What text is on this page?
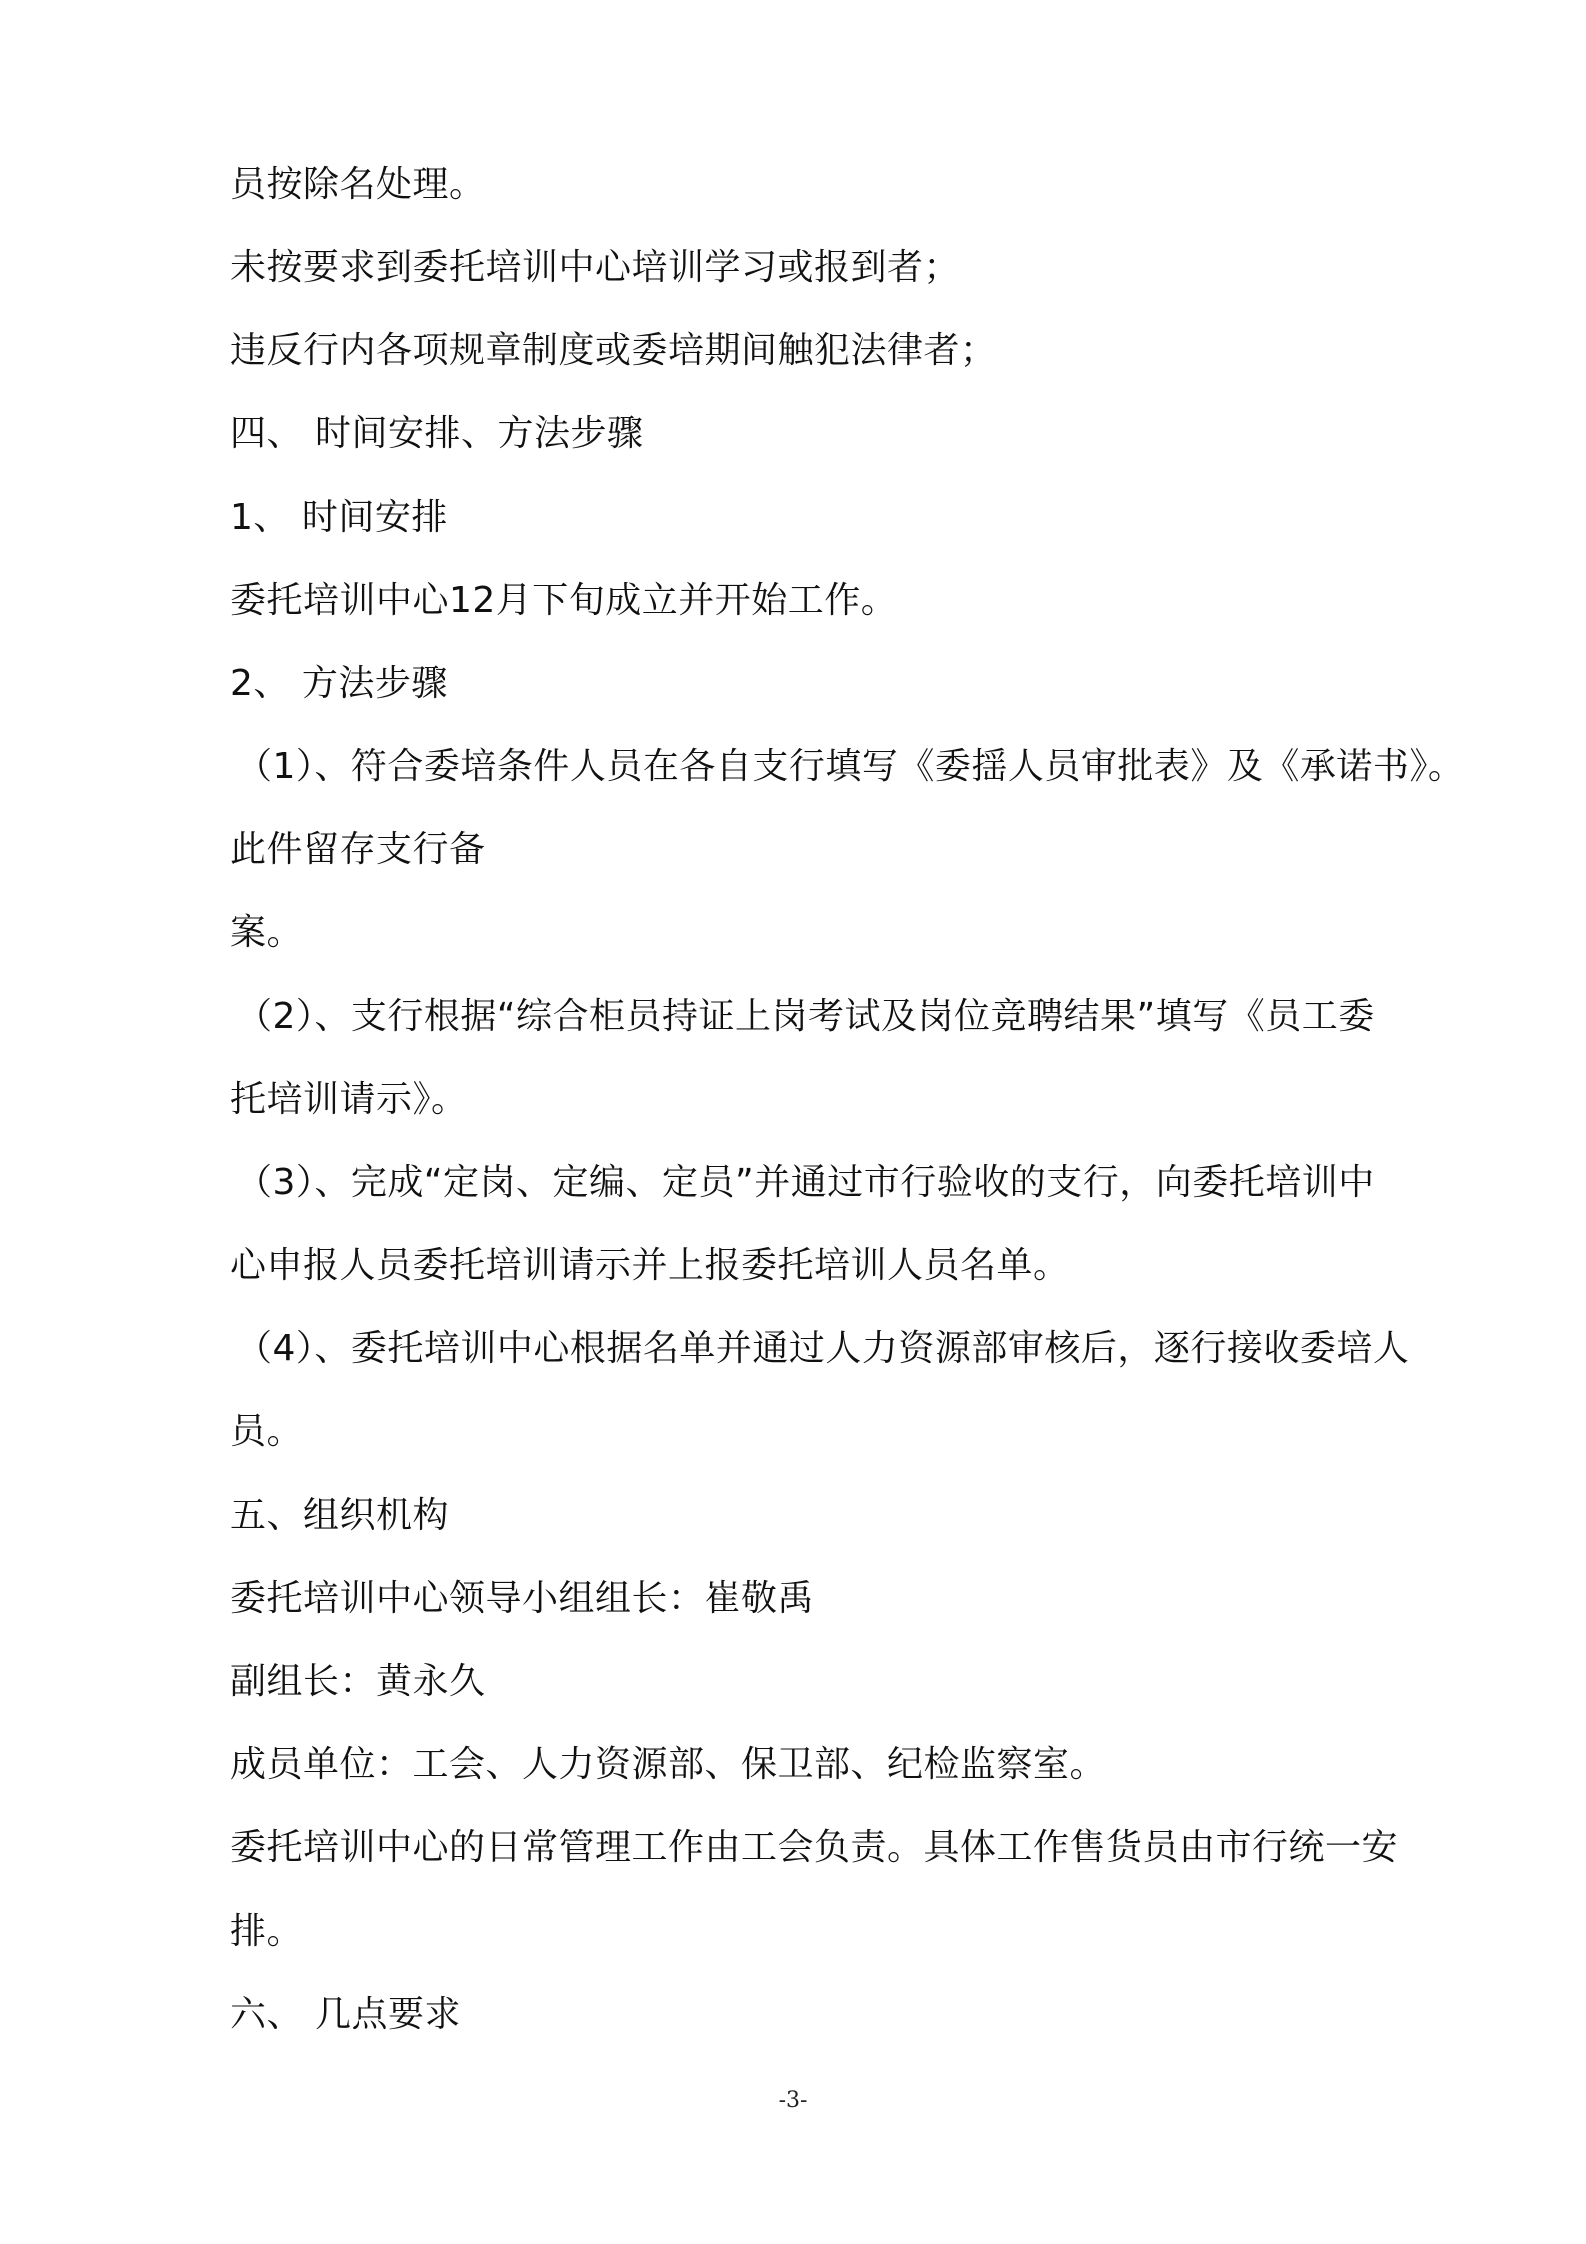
员按除名处理。
未按要求到委托培训中心培训学习或报到者；
违反行内各项规章制度或委培期间触犯法律者；
四、 时间安排、方法步骤
1、 时间安排
委托培训中心12月下旬成立并开始工作。
2、 方法步骤
（1）、符合委培条件人员在各自支行填写《委揺人员审批表》及《承诺书》。
此件留存支行备
案。
（2）、支行根据“综合柜员持证上岗考试及岗位竞聘结果”填写《员工委
托培训请示》。
（3）、完成“定岗、定编、定员”并通过市行验收的支行，向委托培训中
心申报人员委托培训请示并上报委托培训人员名单。
（4）、委托培训中心根据名单并通过人力资源部审核后，逐行接收委培人
员。
五、组织机构
委托培训中心领导小组组长：崔敬禹
副组长：黄永久
成员单位：工会、人力资源部、保卫部、纪检监察室。
委托培训中心的日常管理工作由工会负责。具体工作售货员由市行统一安
排。
六、 几点要求
-3-
